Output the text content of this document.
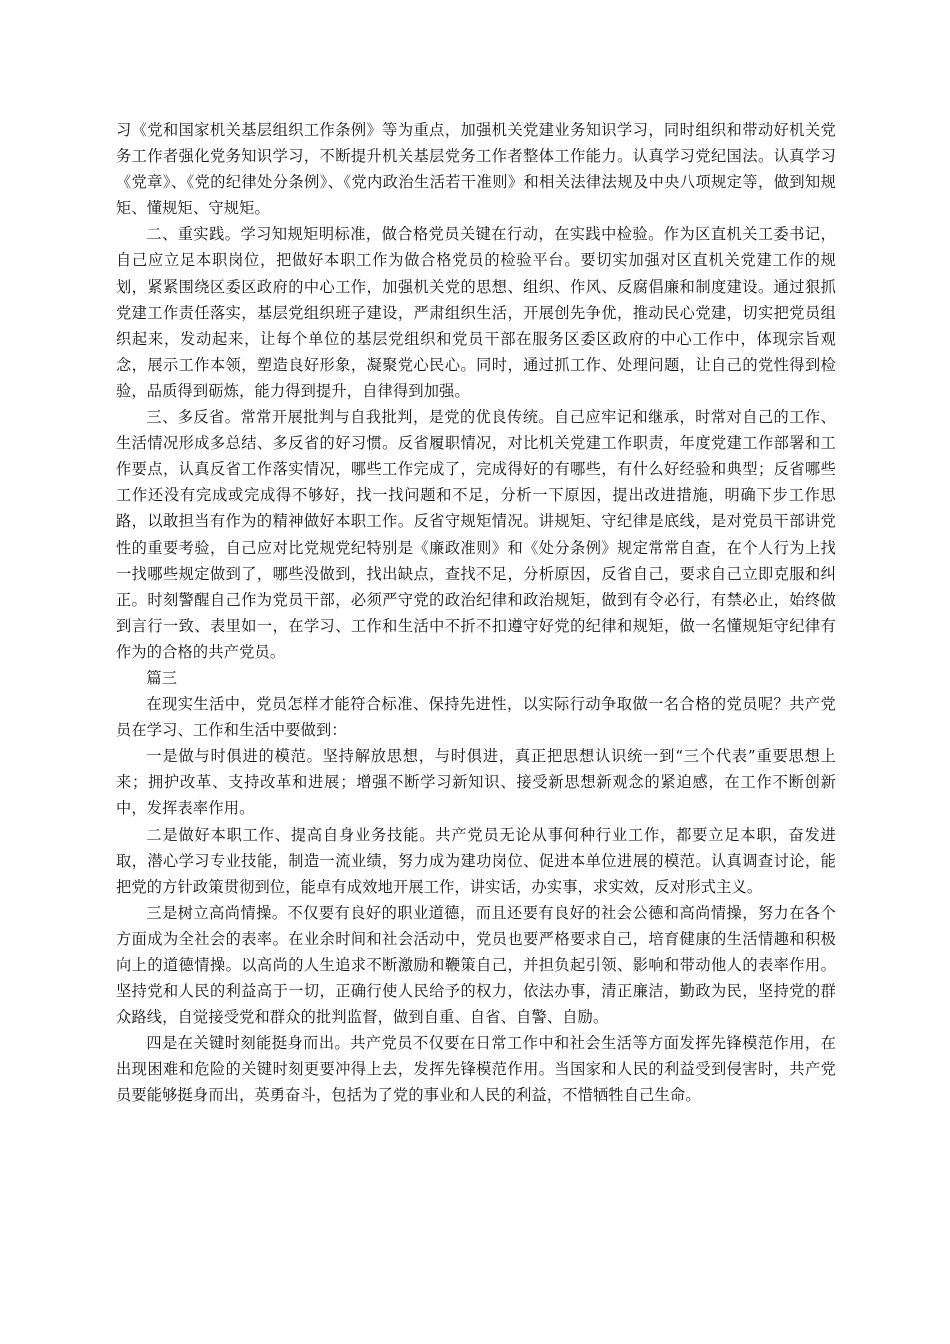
习《党和国家机关基层组织工作条例》等为重点，加强机关党建业务知识学习，同时组织和带动好机关党务工作者强化党务知识学习，不断提升机关基层党务工作者整体工作能力。认真学习党纪国法。认真学习《党章》、《党的纪律处分条例》、《党内政治生活若干准则》和相关法律法规及中央八项规定等，做到知规矩、懂规矩、守规矩。

二、重实践。学习知规矩明标准，做合格党员关键在行动，在实践中检验。作为区直机关工委书记，自己应立足本职岗位，把做好本职工作为做合格党员的检验平台。要切实加强对区直机关党建工作的规划，紧紧围绕区委区政府的中心工作，加强机关党的思想、组织、作风、反腐倡廉和制度建设。通过狠抓党建工作责任落实，基层党组织班子建设，严肃组织生活，开展创先争优，推动民心党建，切实把党员组织起来，发动起来，让每个单位的基层党组织和党员干部在服务区委区政府的中心工作中，体现宗旨观念，展示工作本领，塑造良好形象，凝聚党心民心。同时，通过抓工作、处理问题，让自己的党性得到检验，品质得到砺炼，能力得到提升，自律得到加强。

三、多反省。常常开展批判与自我批判，是党的优良传统。自己应牢记和继承，时常对自己的工作、生活情况形成多总结、多反省的好习惯。反省履职情况，对比机关党建工作职责，年度党建工作部署和工作要点，认真反省工作落实情况，哪些工作完成了，完成得好的有哪些，有什么好经验和典型；反省哪些工作还没有完成或完成得不够好，找一找问题和不足，分析一下原因，提出改进措施，明确下步工作思路，以敢担当有作为的精神做好本职工作。反省守规矩情况。讲规矩、守纪律是底线，是对党员干部讲党性的重要考验，自己应对比党规党纪特别是《廉政准则》和《处分条例》规定常常自查，在个人行为上找一找哪些规定做到了，哪些没做到，找出缺点，查找不足，分析原因，反省自己，要求自己立即克服和纠正。时刻警醒自己作为党员干部，必须严守党的政治纪律和政治规矩，做到有令必行，有禁必止，始终做到言行一致、表里如一，在学习、工作和生活中不折不扣遵守好党的纪律和规矩，做一名懂规矩守纪律有作为的合格的共产党员。

篇三

在现实生活中，党员怎样才能符合标准、保持先进性，以实际行动争取做一名合格的党员呢？共产党员在学习、工作和生活中要做到：

一是做与时俱进的模范。坚持解放思想，与时俱进，真正把思想认识统一到“三个代表”重要思想上来；拥护改革、支持改革和进展；增强不断学习新知识、接受新思想新观念的紧迫感，在工作不断创新中，发挥表率作用。

二是做好本职工作、提高自身业务技能。共产党员无论从事何种行业工作，都要立足本职，奋发进取，潜心学习专业技能，制造一流业绩，努力成为建功岗位、促进本单位进展的模范。认真调查讨论，能把党的方针政策贯彻到位，能卓有成效地开展工作，讲实话，办实事，求实效，反对形式主义。

三是树立高尚情操。不仅要有良好的职业道德，而且还要有良好的社会公德和高尚情操，努力在各个方面成为全社会的表率。在业余时间和社会活动中，党员也要严格要求自己，培育健康的生活情趣和积极向上的道德情操。以高尚的人生追求不断激励和鞭策自己，并担负起引领、影响和带动他人的表率作用。坚持党和人民的利益高于一切，正确行使人民给予的权力，依法办事，清正廉洁，勤政为民，坚持党的群众路线，自觉接受党和群众的批判监督，做到自重、自省、自警、自励。

四是在关键时刻能挺身而出。共产党员不仅要在日常工作中和社会生活等方面发挥先锋模范作用，在出现困难和危险的关键时刻更要冲得上去，发挥先锋模范作用。当国家和人民的利益受到侵害时，共产党员要能够挺身而出，英勇奋斗，包括为了党的事业和人民的利益，不惜牺牲自己生命。
